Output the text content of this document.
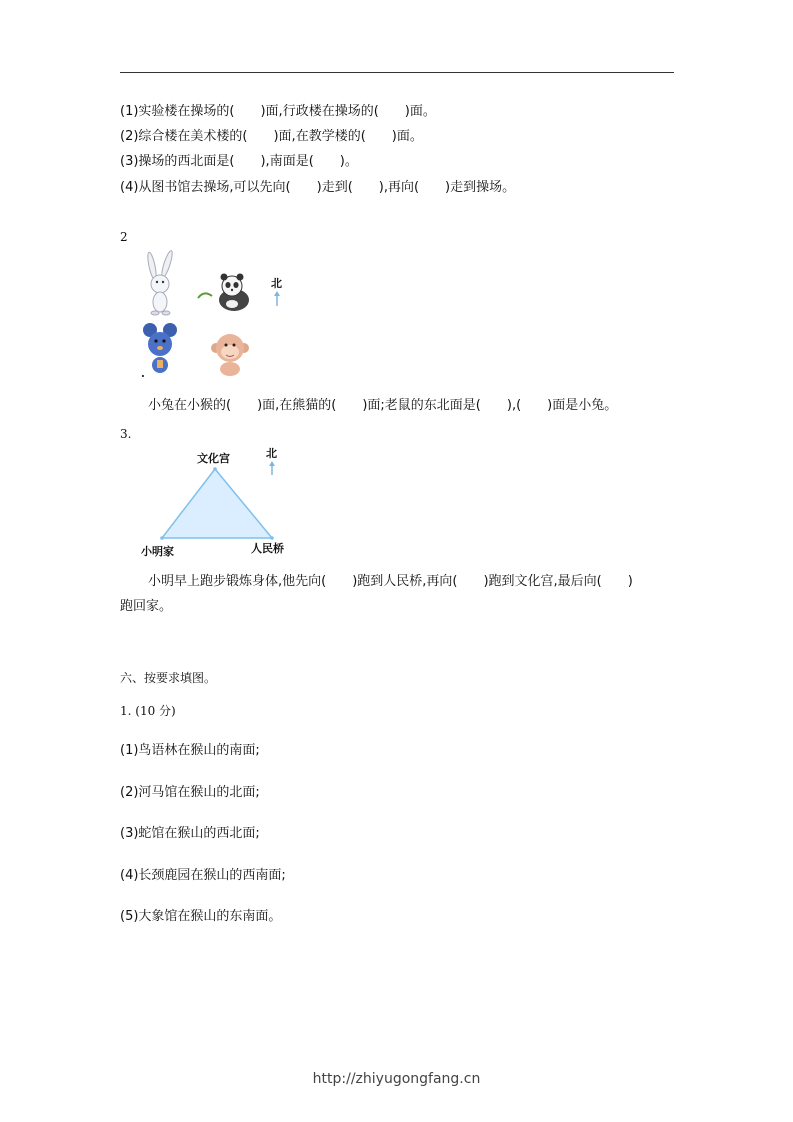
(1)实验楼在操场的(　　)面,行政楼在操场的(　　)面。
(2)综合楼在美术楼的(　　)面,在教学楼的(　　)面。
(3)操场的西北面是(　　),南面是(　　)。
(4)从图书馆去操场,可以先向(　　)走到(　　),再向(　　)走到操场。
2
北
.
小兔在小猴的(　　)面,在熊猫的(　　)面;老鼠的东北面是(　　),(　　)面是小兔。
3.
文化宫
小明家	人民桥
北
小明早上跑步锻炼身体,他先向(　　)跑到人民桥,再向(　　)跑到文化宫,最后向(　　)
跑回家。
六、按要求填图。
1. (10 分)
(1)鸟语林在猴山的南面;
(2)河马馆在猴山的北面;
(3)蛇馆在猴山的西北面;
(4)长颈鹿园在猴山的西南面;
(5)大象馆在猴山的东南面。
http://zhiyugongfang.cn
